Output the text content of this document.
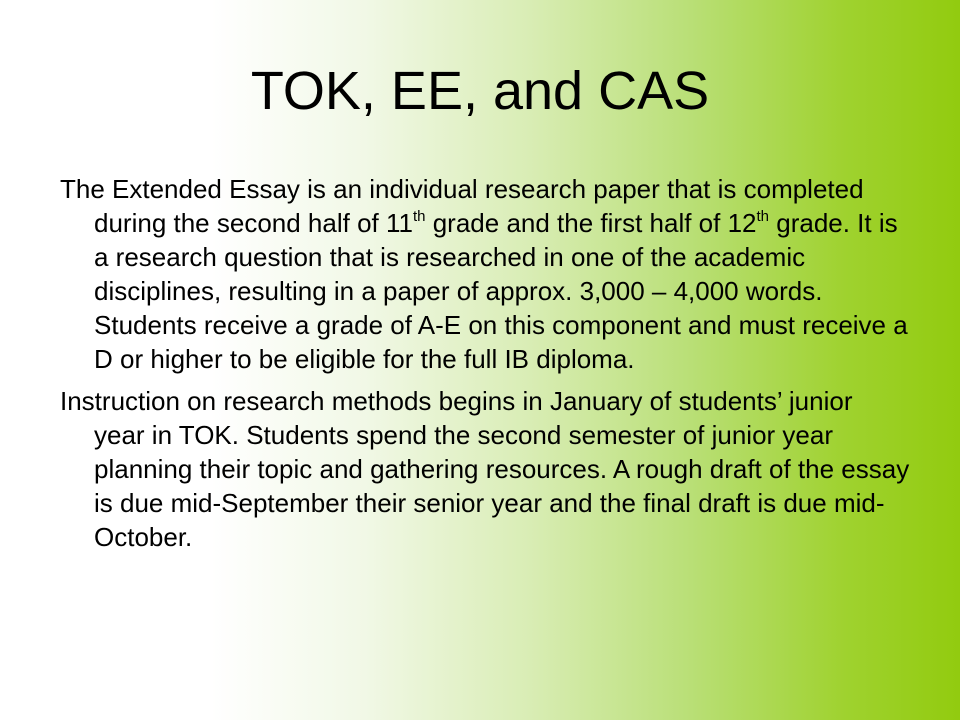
TOK, EE, and CAS

The Extended Essay is an individual research paper that is completed during the second half of 11th grade and the first half of 12th grade. It is a research question that is researched in one of the academic disciplines, resulting in a paper of approx. 3,000 – 4,000 words. Students receive a grade of A-E on this component and must receive a D or higher to be eligible for the full IB diploma.

Instruction on research methods begins in January of students’ junior year in TOK. Students spend the second semester of junior year planning their topic and gathering resources. A rough draft of the essay is due mid-September their senior year and the final draft is due mid-October.
